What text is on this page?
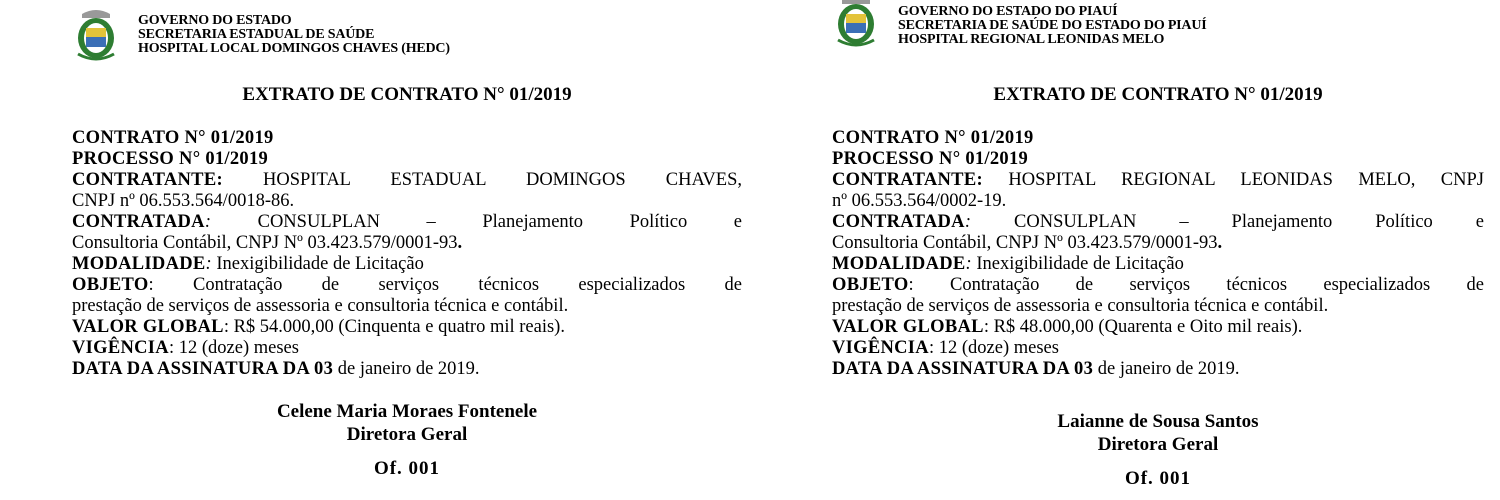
GOVERNO DO ESTADO
SECRETARIA ESTADUAL DE SAÚDE
HOSPITAL LOCAL DOMINGOS CHAVES (HEDC)
EXTRATO DE CONTRATO N° 01/2019
CONTRATO N° 01/2019
PROCESSO N° 01/2019
CONTRATANTE: HOSPITAL ESTADUAL DOMINGOS CHAVES,
CNPJ nº 06.553.564/0018-86.
CONTRATADA:	CONSULPLAN – Planejamento Político e
Consultoria Contábil, CNPJ Nº 03.423.579/0001-93.
MODALIDADE: Inexigibilidade de Licitação
OBJETO: Contratação de serviços técnicos especializados de
prestação de serviços de assessoria e consultoria técnica e contábil.
VALOR GLOBAL: R$ 54.000,00 (Cinquenta e quatro mil reais).
VIGÊNCIA: 12 (doze) meses
DATA DA ASSINATURA DA 03 de janeiro de 2019.
Celene Maria Moraes Fontenele
Diretora Geral
Of. 001
GOVERNO DO ESTADO DO PIAUÍ
SECRETARIA DE SAÚDE DO ESTADO DO PIAUÍ
HOSPITAL REGIONAL LEONIDAS MELO
EXTRATO DE CONTRATO N° 01/2019
CONTRATO N° 01/2019
PROCESSO N° 01/2019
CONTRATANTE: HOSPITAL REGIONAL LEONIDAS MELO, CNPJ
nº 06.553.564/0002-19.
CONTRATADA: CONSULPLAN – Planejamento Político e
Consultoria Contábil, CNPJ Nº 03.423.579/0001-93.
MODALIDADE: Inexigibilidade de Licitação
OBJETO: Contratação de serviços técnicos especializados de
prestação de serviços de assessoria e consultoria técnica e contábil.
VALOR GLOBAL: R$ 48.000,00 (Quarenta e Oito mil reais).
VIGÊNCIA: 12 (doze) meses
DATA DA ASSINATURA DA 03 de janeiro de 2019.
Laianne de Sousa Santos
Diretora Geral
Of. 001
